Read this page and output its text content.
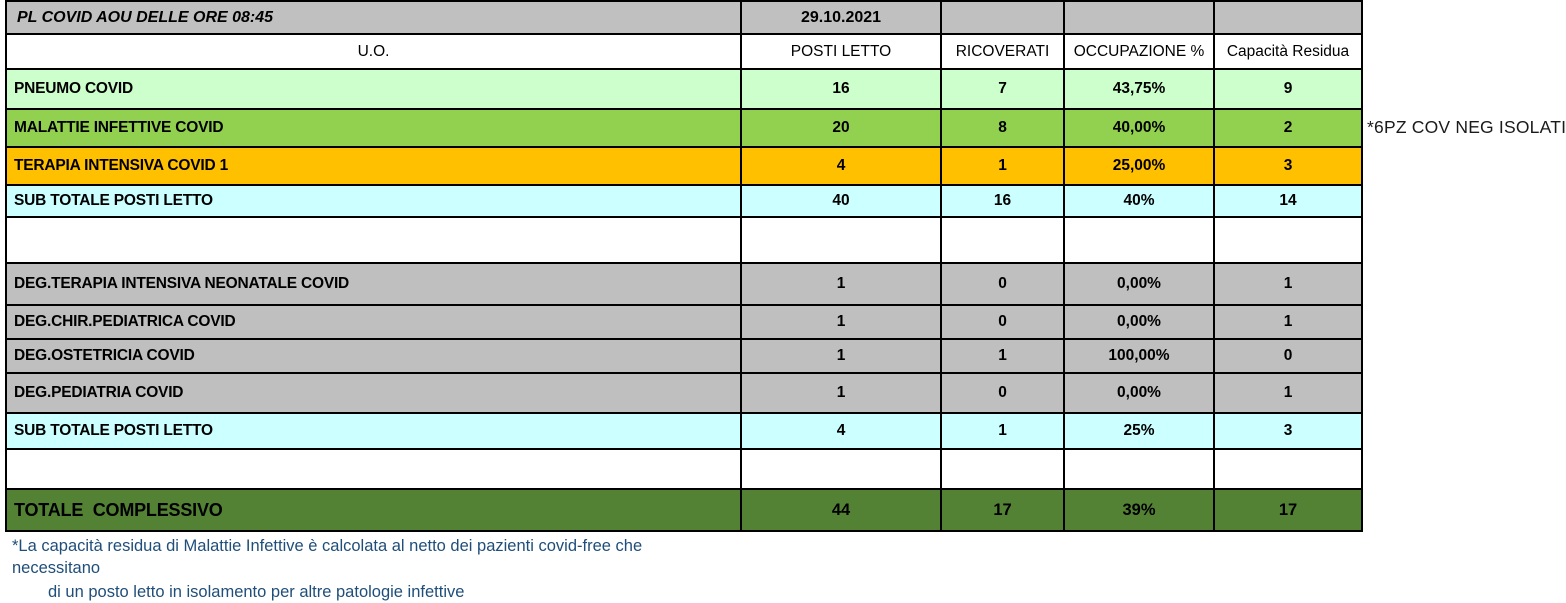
PL COVID AOU DELLE ORE 08:45	29.10.2021			
U.O.	POSTI LETTO	RICOVERATI	OCCUPAZIONE %	Capacità Residua
PNEUMO COVID	16	7	43,75%	9
MALATTIE INFETTIVE COVID	20	8	40,00%	2
TERAPIA INTENSIVA COVID 1	4	1	25,00%	3
SUB TOTALE POSTI LETTO	40	16	40%	14

DEG.TERAPIA INTENSIVA NEONATALE COVID	1	0	0,00%	1
DEG.CHIR.PEDIATRICA COVID	1	0	0,00%	1
DEG.OSTETRICIA COVID	1	1	100,00%	0
DEG.PEDIATRIA COVID	1	0	0,00%	1
SUB TOTALE POSTI LETTO	4	1	25%	3

TOTALE  COMPLESSIVO	44	17	39%	17
*6PZ COV NEG ISOLATI
*La capacità residua di Malattie Infettive è calcolata al netto dei pazienti covid-free che
necessitano
di un posto letto in isolamento per altre patologie infettive
